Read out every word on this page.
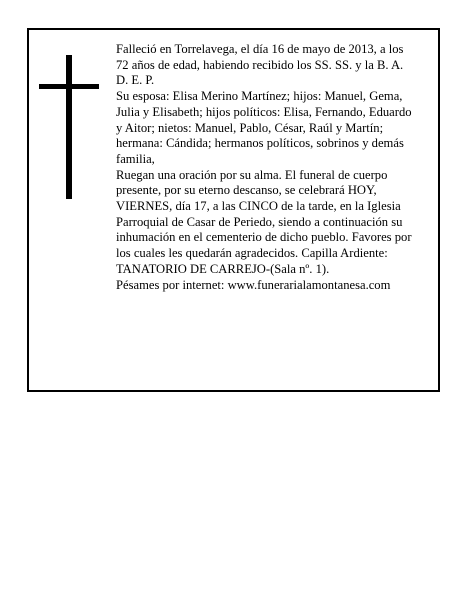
Falleció en Torrelavega, el día 16 de mayo de 2013, a los 72 años de edad, habiendo recibido los SS. SS. y la B. A.

D. E. P.

Su esposa: Elisa Merino Martínez; hijos: Manuel, Gema, Julia y Elisabeth; hijos políticos: Elisa, Fernando, Eduardo y Aitor; nietos: Manuel, Pablo, César, Raúl y Martín; hermana: Cándida; hermanos políticos, sobrinos y demás familia,

Ruegan una oración por su alma. El funeral de cuerpo presente, por su eterno descanso, se celebrará HOY, VIERNES, día 17, a las CINCO de la tarde, en la Iglesia Parroquial de Casar de Periedo, siendo a continuación su inhumación en el cementerio de dicho pueblo. Favores por los cuales les quedarán agradecidos. Capilla Ardiente: TANATORIO DE CARREJO-(Sala nº. 1).

Pésames por internet: www.funerarialamontanesa.com
